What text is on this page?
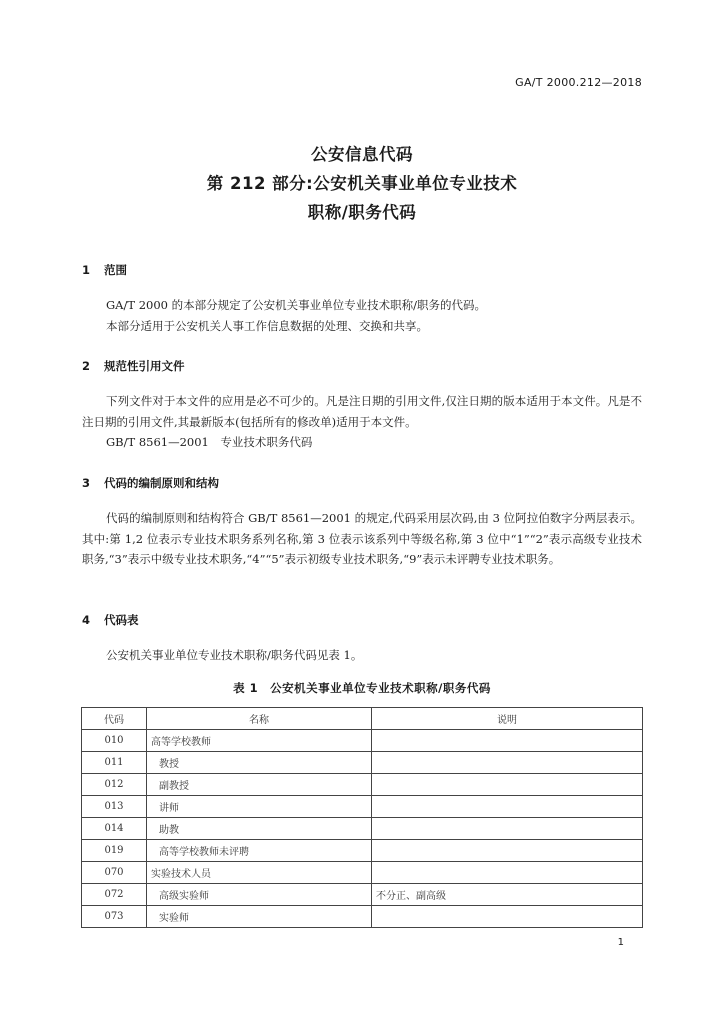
GA/T 2000.212—2018
公安信息代码
第 212 部分:公安机关事业单位专业技术
职称/职务代码
1 范围
GA/T 2000 的本部分规定了公安机关事业单位专业技术职称/职务的代码。
本部分适用于公安机关人事工作信息数据的处理、交换和共享。
2 规范性引用文件
下列文件对于本文件的应用是必不可少的。凡是注日期的引用文件,仅注日期的版本适用于本文件。凡是不注日期的引用文件,其最新版本(包括所有的修改单)适用于本文件。
GB/T 8561—2001　专业技术职务代码
3 代码的编制原则和结构
代码的编制原则和结构符合 GB/T 8561—2001 的规定,代码采用层次码,由 3 位阿拉伯数字分两层表示。其中:第 1,2 位表示专业技术职务系列名称,第 3 位表示该系列中等级名称,第 3 位中“1”“2”表示高级专业技术职务,“3”表示中级专业技术职务,“4”“5”表示初级专业技术职务,“9”表示未评聘专业技术职务。
4 代码表
公安机关事业单位专业技术职称/职务代码见表 1。
表 1　公安机关事业单位专业技术职称/职务代码
代码	名称	说明
010	高等学校教师	
011	教授	
012	副教授	
013	讲师	
014	助教	
019	高等学校教师未评聘	
070	实验技术人员	
072	高级实验师	不分正、副高级
073	实验师	
1
